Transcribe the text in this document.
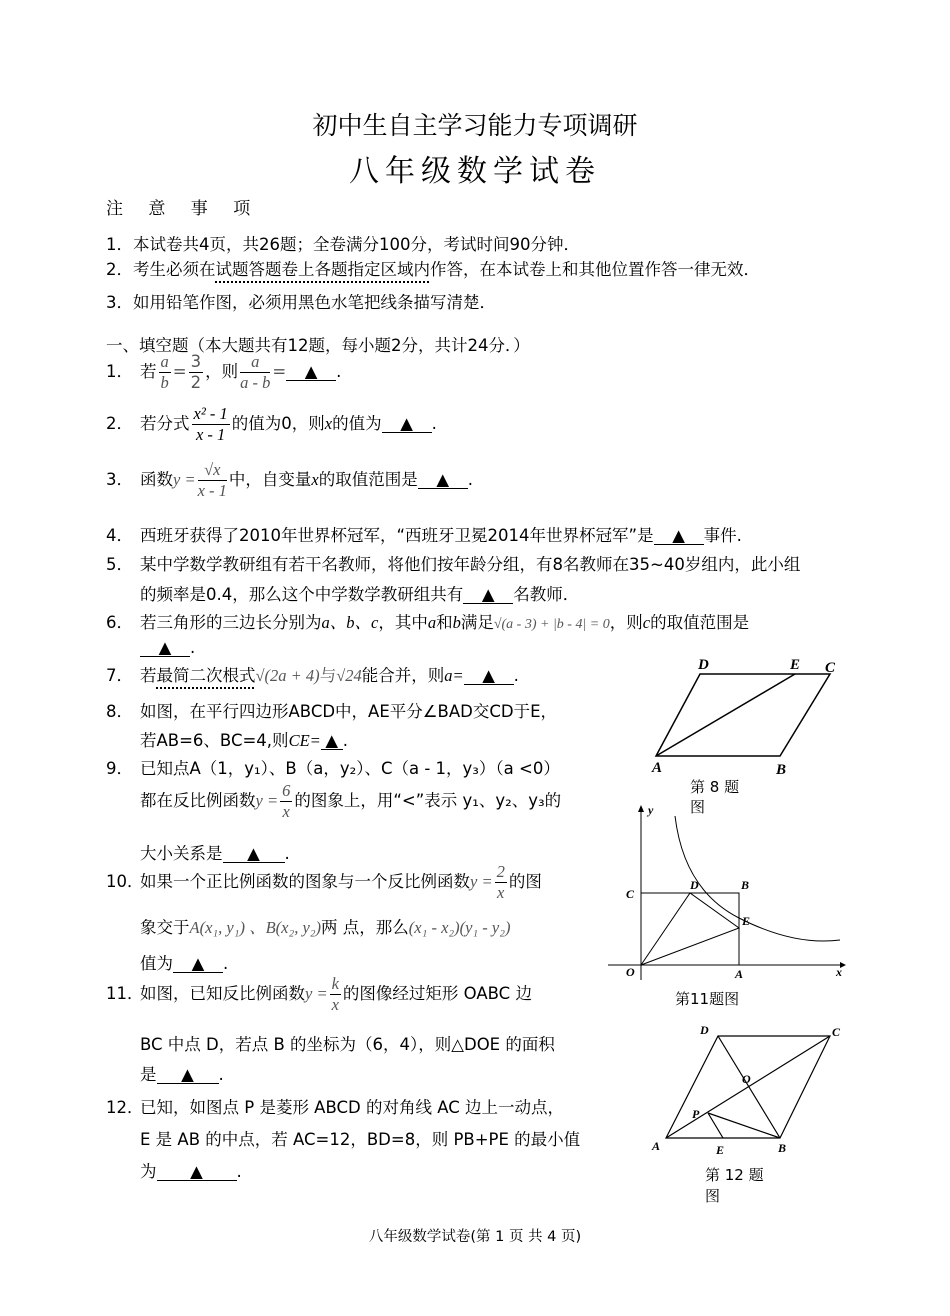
初中生自主学习能力专项调研
八年级数学试卷
注 意 事 项
1．本试卷共4页，共26题；全卷满分100分，考试时间90分钟．
2．考生必须在试题答题卷上各题指定区域内作答，在本试卷上和其他位置作答一律无效．
3．如用铅笔作图，必须用黑色水笔把线条描写清楚．
一、填空题（本大题共有12题，每小题2分，共计24分．）
1． 若 $\frac{a}{b} = \frac{3}{2}$ ，则 $\frac{a}{a - b}$ = ▲ .
2． 若分式 $\frac{\text{x² - 1}}{x - 1}$ 的值为0，则x的值为 ▲ .
3． 函数$y = \frac{√x}{x - 1}$ 中，自变量x的取值范围是 ▲ .
4． 西班牙获得了2010年世界杯冠军，“西班牙卫冕2014年世界杯冠军”是 ▲ 事件.
5． 某中学数学教研组有若干名教师，将他们按年龄分组，有8名教师在35~40岁组内，此小组
的频率是0.4，那么这个中学数学教研组共有 ▲ 名教师．
6． 若三角形的三边长分别为a、b、c，其中a和b满足√(a - 3) + |b - 4| = 0，则c的取值范围是
▲ .
7． 若最简二次根式√(2a + 4)与√24能合并，则a= ▲ .
8． 如图，在平行四边形ABCD中，AE平分∠BAD交CD于E，
若AB=6、BC=4,则CE= ▲ .
9． 已知点A（1，y₁）、B（a，y₂）、C（a - 1，y₃）（a <0）
都在反比例函数$y = \frac{6}{x}$ 的图象上，用“<”表示 y₁、y₂、y₃的
大小关系是 ▲ .
10．如果一个正比例函数的图象与一个反比例函数$y = \frac{2}{x}$ 的图
象交于A(x₁, y₁) 、B(x₂, y₂)两 点，那么(x₁ - x₂)(y₁ - y₂)
值为 ▲ .
11．如图，已知反比例函数$y = \frac{k}{x}$ 的图像经过矩形 OABC 边
BC 中点 D，若点 B 的坐标为（6，4），则△DOE 的面积
是 ▲ .
12．已知，如图点 P 是菱形 ABCD 的对角线 AC 边上一动点，
E 是 AB 的中点，若 AC=12，BD=8，则 PB+PE 的最小值
为 ▲ .
D	E C
A	B
第 8 题
图
y
C
D	B
E
O	A	x
第11题图
D	C
O
P
A	E	B
第 12 题
图
八年级数学试卷(第 1 页 共 4 页)
